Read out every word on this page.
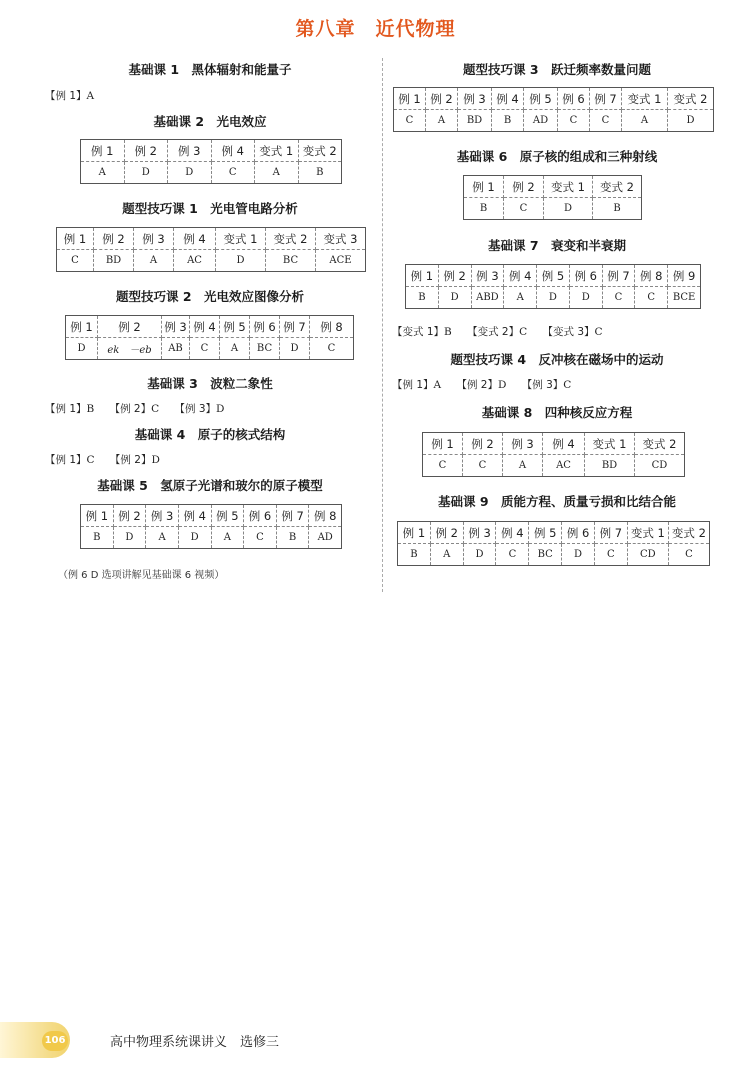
第八章　近代物理
基础课 1　黑体辐射和能量子
【例 1】A
基础课 2　光电效应
例 1	例 2	例 3	例 4	变式 1	变式 2
A	D	D	C	A	B
题型技巧课 1　光电管电路分析
例 1	例 2	例 3	例 4	变式 1	变式 2	变式 3
C	BD	A	AC	D	BC	ACE
题型技巧课 2　光电效应图像分析
例 1	例 2	例 3	例 4	例 5	例 6	例 7	例 8
D	ek　－eb	AB	C	A	BC	D	C
基础课 3　波粒二象性
【例 1】B 【例 2】C 【例 3】D
基础课 4　原子的核式结构
【例 1】C 【例 2】D
基础课 5　氢原子光谱和玻尔的原子模型
例 1	例 2	例 3	例 4	例 5	例 6	例 7	例 8
B	D	A	D	A	C	B	AD
（例 6 D 选项讲解见基础课 6 视频）
题型技巧课 3　跃迁频率数量问题
例 1	例 2	例 3	例 4	例 5	例 6	例 7	变式 1	变式 2
C	A	BD	B	AD	C	C	A	D
基础课 6　原子核的组成和三种射线
例 1	例 2	变式 1	变式 2
B	C	D	B
基础课 7　衰变和半衰期
例 1	例 2	例 3	例 4	例 5	例 6	例 7	例 8	例 9
B	D	ABD	A	D	D	C	C	BCE
【变式 1】B 【变式 2】C 【变式 3】C
题型技巧课 4　反冲核在磁场中的运动
【例 1】A 【例 2】D 【例 3】C
基础课 8　四种核反应方程
例 1	例 2	例 3	例 4	变式 1	变式 2
C	C	A	AC	BD	CD
基础课 9　质能方程、质量亏损和比结合能
例 1	例 2	例 3	例 4	例 5	例 6	例 7	变式 1	变式 2
B	A	D	C	BC	D	C	CD	C
106	高中物理系统课讲义　选修三
